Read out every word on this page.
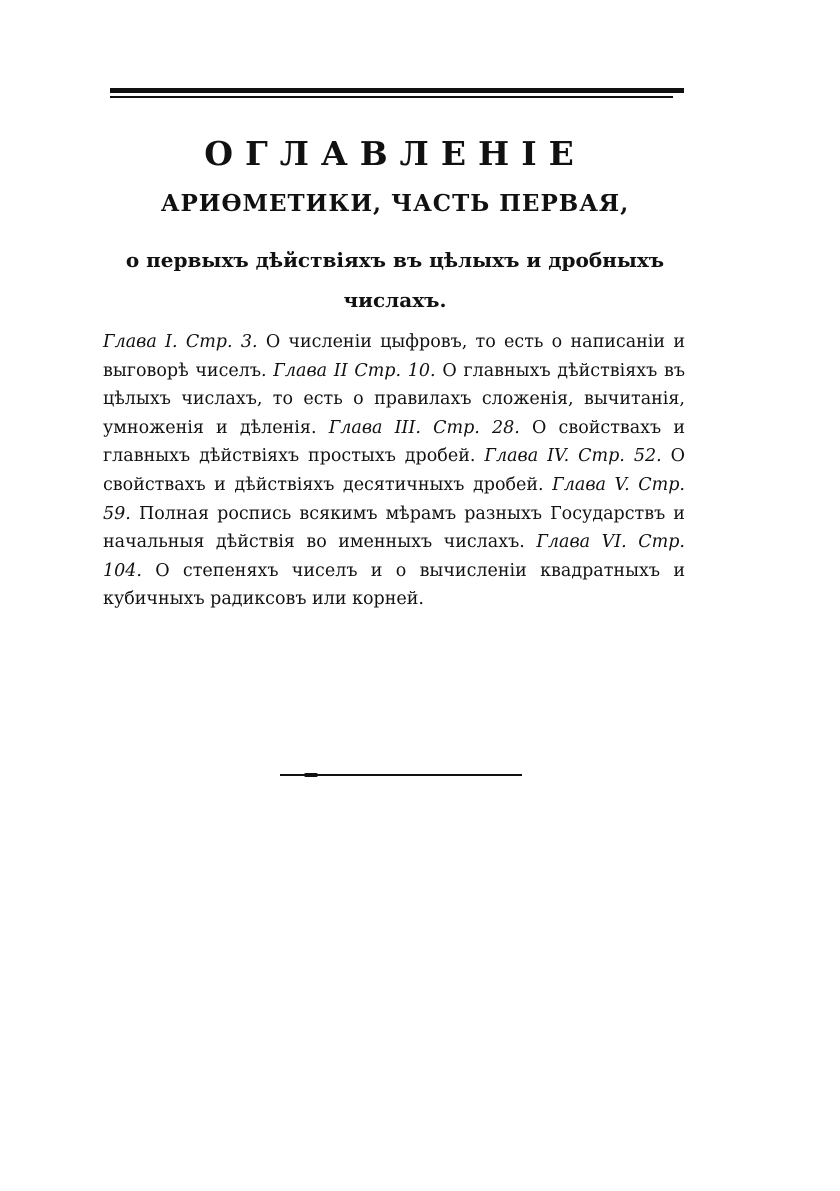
ОГЛАВЛЕНІЕ
АРИѲМЕТИКИ, ЧАСТЬ ПЕРВАЯ,
о первыхъ дѣйствіяхъ въ цѣлыхъ и дробныхъ числахъ.
Глава I. Стр. 3. О численіи цыфровъ, то есть о написаніи и выговорѣ чиселъ. Глава II Стр. 10. О главныхъ дѣйствіяхъ въ цѣлыхъ числахъ, то есть о правилахъ сложенія, вычитанія, умноженія и дѣленія. Глава III. Стр. 28. О свойствахъ и главныхъ дѣйствіяхъ простыхъ дробей. Глава IV. Стр. 52. О свойствахъ и дѣйствіяхъ десятичныхъ дробей. Глава V. Стр. 59. Полная роспись всякимъ мѣрамъ разныхъ Государствъ и начальныя дѣйствія во именныхъ числахъ. Глава VI. Стр. 104. О степеняхъ чиселъ и о вычисленіи квадратныхъ и кубичныхъ радиксовъ или корней.
